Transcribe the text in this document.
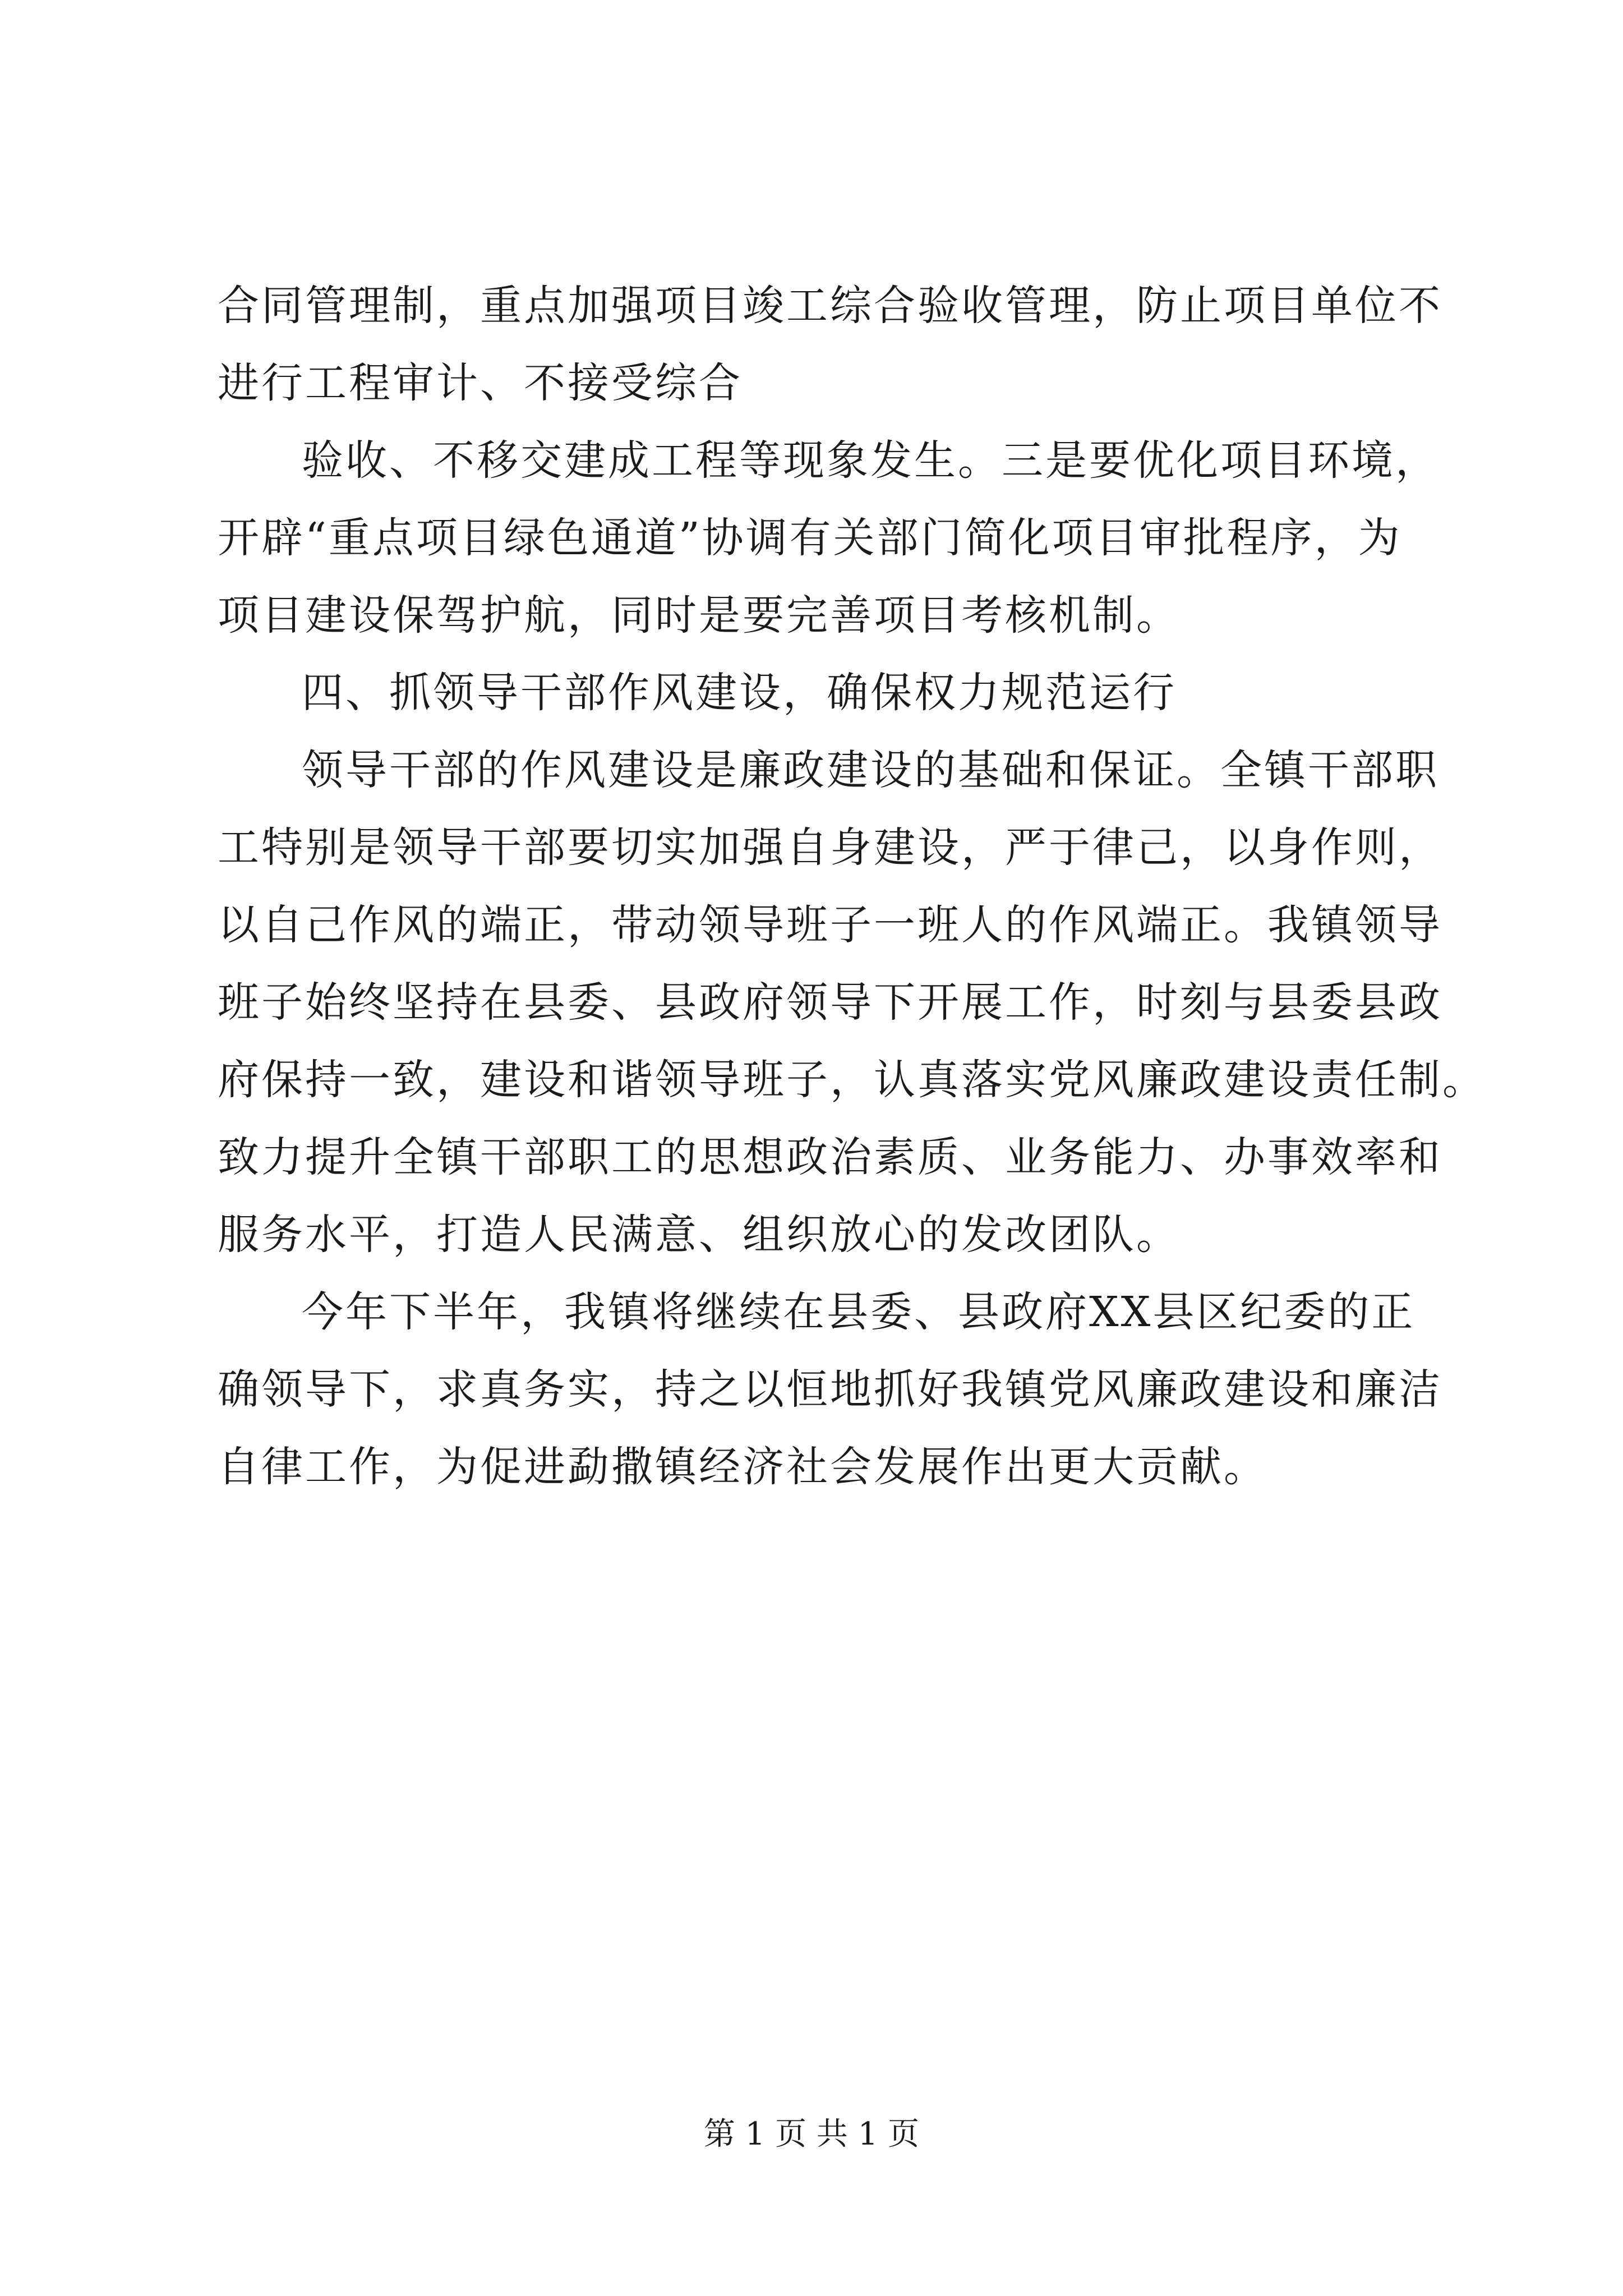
合同管理制，重点加强项目竣工综合验收管理，防止项目单位不
进行工程审计、不接受综合
验收、不移交建成工程等现象发生。三是要优化项目环境，
开辟“重点项目绿色通道”协调有关部门简化项目审批程序，为
项目建设保驾护航，同时是要完善项目考核机制。
四、抓领导干部作风建设，确保权力规范运行
领导干部的作风建设是廉政建设的基础和保证。全镇干部职
工特别是领导干部要切实加强自身建设，严于律己，以身作则，
以自己作风的端正，带动领导班子一班人的作风端正。我镇领导
班子始终坚持在县委、县政府领导下开展工作，时刻与县委县政
府保持一致，建设和谐领导班子，认真落实党风廉政建设责任制。
致力提升全镇干部职工的思想政治素质、业务能力、办事效率和
服务水平，打造人民满意、组织放心的发改团队。
今年下半年，我镇将继续在县委、县政府XX县区纪委的正
确领导下，求真务实，持之以恒地抓好我镇党风廉政建设和廉洁
自律工作，为促进勐撒镇经济社会发展作出更大贡献。
第 1 页 共 1 页
